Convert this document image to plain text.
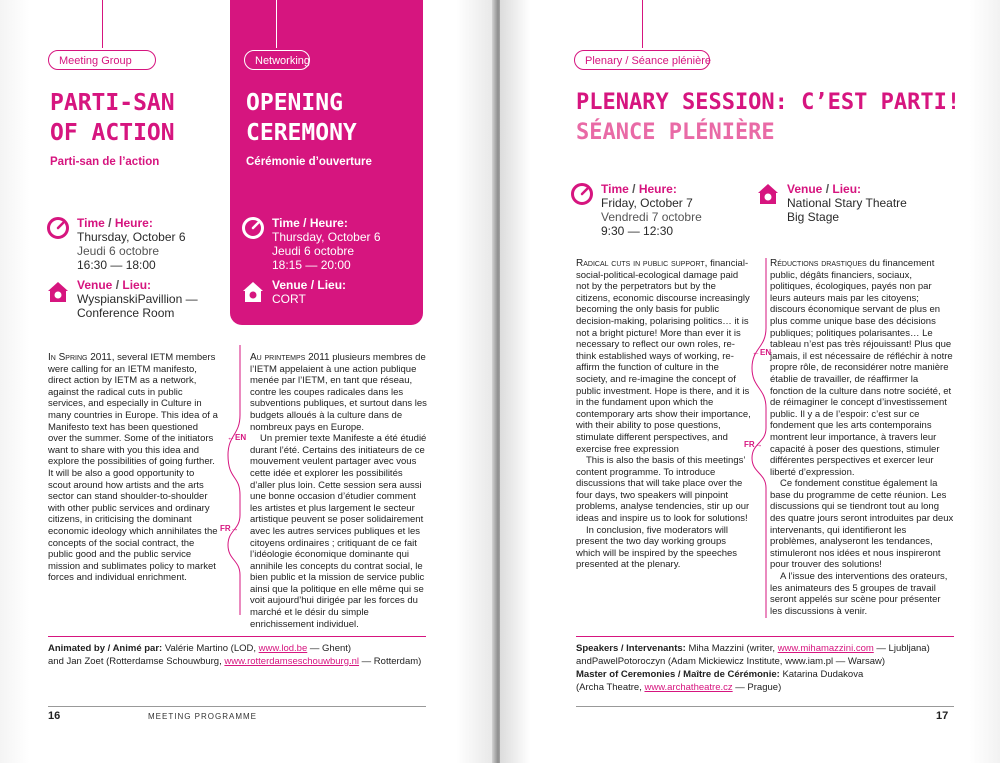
Meeting Group
PARTI-SAN
OF ACTION
Parti-san de l’action
Time / Heure:
Thursday, October 6
Jeudi 6 octobre
16:30 — 18:00
Venue / Lieu:
WyspianskiPavillion —
Conference Room
Networking
OPENING
CEREMONY
Cérémonie d’ouverture
Time / Heure:
Thursday, October 6
Jeudi 6 octobre
18:15 — 20:00
Venue / Lieu:
CORT

In Spring 2011, several IETM members were calling for an IETM manifesto, direct action by IETM as a network, against the radical cuts in public services, and especially in Culture in many countries in Europe. This idea of a Manifesto text has been questioned over the summer. Some of the initiators want to share with you this idea and explore the possibilities of going further. It will be also a good opportunity to scout around how artists and the arts sector can stand shoulder-to-shoulder with other public services and ordinary citizens, in criticising the dominant economic ideology which annihilates the concepts of the social contract, the public good and the public service mission and sublimates policy to market forces and individual enrichment.

←EN
FR→

Au printemps 2011 plusieurs membres de l’IETM appelaient à une action publique menée par l’IETM, en tant que réseau, contre les coupes radicales dans les subventions publiques, et surtout dans les budgets alloués à la culture dans de nombreux pays en Europe.

Un premier texte Manifeste a été étudié durant l’été. Certains des initiateurs de ce mouvement veulent partager avec vous cette idée et explorer les possibilités d’aller plus loin. Cette session sera aussi une bonne occasion d’étudier comment les artistes et plus largement le secteur artistique peuvent se poser solidairement avec les autres services publiques et les citoyens ordinaires ; critiquant de ce fait l’idéologie économique dominante qui annihile les concepts du contrat social, le bien public et la mission de service public ainsi que la politique en elle même qui se voit aujourd’hui dirigée par les forces du marché et le désir du simple enrichissement individuel.

Animated by / Animé par: Valérie Martino (LOD, www.lod.be — Ghent)
and Jan Zoet (Rotterdamse Schouwburg, www.rotterdamseschouwburg.nl — Rotterdam)
16	MEETING PROGRAMME
Plenary / Séance plénière
PLENARY SESSION: C’EST PARTI!
SÉANCE PLÉNIÈRE
Time / Heure:
Friday, October 7
Vendredi 7 octobre
9:30 — 12:30
Venue / Lieu:
National Stary Theatre
Big Stage

Radical cuts in public support, financial-social-political-ecological damage paid not by the perpetrators but by the citizens, economic discourse increasingly becoming the only basis for public decision-making, polarising politics… it is not a bright picture! More than ever it is necessary to reflect our own roles, re-think established ways of working, re-affirm the function of culture in the society, and re-imagine the concept of public investment. Hope is there, and it is in the fundament upon which the contemporary arts show their importance, with their ability to pose questions, stimulate different perspectives, and exercise free expression

This is also the basis of this meetings’ content programme. To introduce discussions that will take place over the four days, two speakers will pinpoint problems, analyse tendencies, stir up our ideas and inspire us to look for solutions!

In conclusion, five moderators will present the two day working groups which will be inspired by the speeches presented at the plenary.

←EN
FR→

Réductions drastiques du financement public, dégâts financiers, sociaux, politiques, écologiques, payés non par leurs auteurs mais par les citoyens; discours économique servant de plus en plus comme unique base des décisions publiques; politiques polarisantes… Le tableau n’est pas très réjouissant! Plus que jamais, il est nécessaire de réfléchir à notre propre rôle, de reconsidérer notre manière établie de travailler, de réaffirmer la fonction de la culture dans notre société, et de réimaginer le concept d’investissement public. Il y a de l’espoir: c’est sur ce fondement que les arts contemporains montrent leur importance, à travers leur capacité à poser des questions, stimuler différentes perspectives et exercer leur liberté d’expression.

Ce fondement constitue également la base du programme de cette réunion. Les discussions qui se tiendront tout au long des quatre jours seront introduites par deux intervenants, qui identifieront les problèmes, analyseront les tendances, stimuleront nos idées et nous inspireront pour trouver des solutions!

A l’issue des interventions des orateurs, les animateurs des 5 groupes de travail seront appelés sur scène pour présenter les discussions à venir.

Speakers / Intervenants: Miha Mazzini (writer, www.mihamazzini.com — Ljubljana)
andPawelPotoroczyn (Adam Mickiewicz Institute, www.iam.pl — Warsaw)
Master of Ceremonies / Maître de Cérémonie: Katarina Dudakova
(Archa Theatre, www.archatheatre.cz — Prague)
17
